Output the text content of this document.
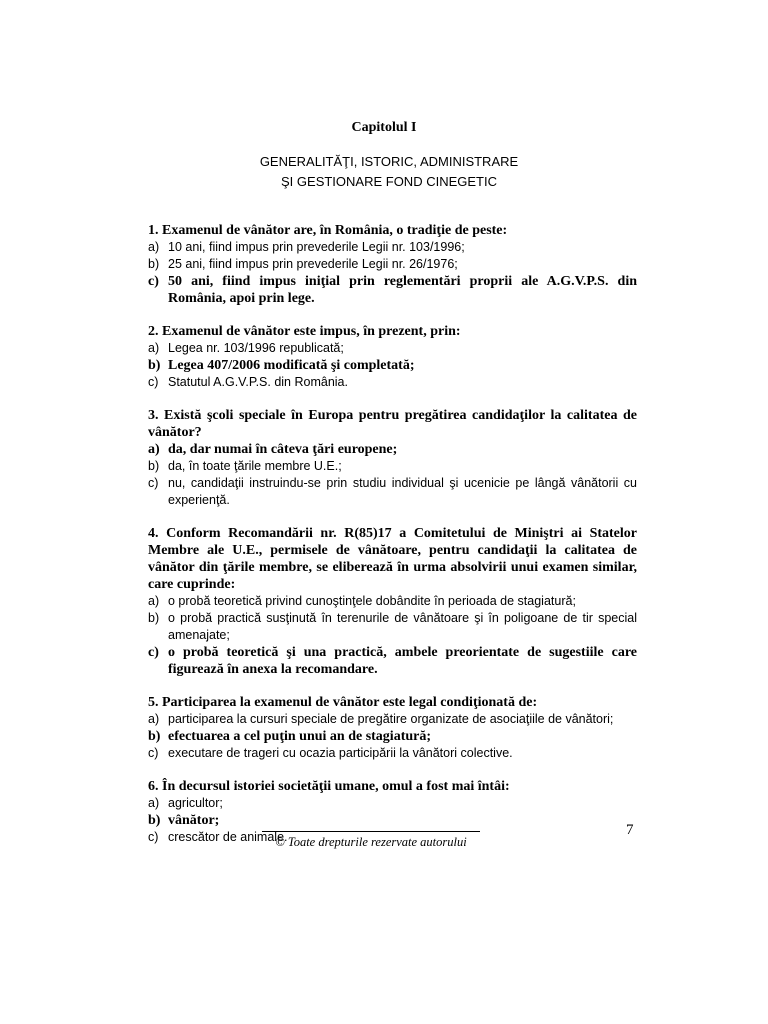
Capitolul I
GENERALITĂŢI, ISTORIC, ADMINISTRARE
ŞI GESTIONARE FOND CINEGETIC
1. Examenul de vânător are, în România, o tradiţie de peste:
a) 10 ani, fiind impus prin prevederile Legii nr. 103/1996;
b) 25 ani, fiind impus prin prevederile Legii nr. 26/1976;
c) 50 ani, fiind impus iniţial prin reglementări proprii ale A.G.V.P.S. din România, apoi prin lege.
2. Examenul de vânător este impus, în prezent, prin:
a) Legea nr. 103/1996 republicată;
b) Legea 407/2006 modificată şi completată;
c) Statutul A.G.V.P.S. din România.
3. Există şcoli speciale în Europa pentru pregătirea candidaţilor la calitatea de vânător?
a) da, dar numai în câteva ţări europene;
b) da, în toate ţările membre U.E.;
c) nu, candidaţii instruindu-se prin studiu individual şi ucenicie pe lângă vânătorii cu experienţă.
4. Conform Recomandării nr. R(85)17 a Comitetului de Miniştri ai Statelor Membre ale U.E., permisele de vânătoare, pentru candidaţii la calitatea de vânător din ţările membre, se eliberează în urma absolvirii unui examen similar, care cuprinde:
a) o probă teoretică privind cunoştinţele dobândite în perioada de stagiatură;
b) o probă practică susţinută în terenurile de vânătoare şi în poligoane de tir special amenajate;
c) o probă teoretică şi una practică, ambele preorientate de sugestiile care figurează în anexa la recomandare.
5. Participarea la examenul de vânător este legal condiţionată de:
a) participarea la cursuri speciale de pregătire organizate de asociaţiile de vânători;
b) efectuarea a cel puţin unui an de stagiatură;
c) executare de trageri cu ocazia participării la vânători colective.
6. În decursul istoriei societăţii umane, omul a fost mai întâi:
a) agricultor;
b) vânător;
c) crescător de animale.	7
© Toate drepturile rezervate autorului
